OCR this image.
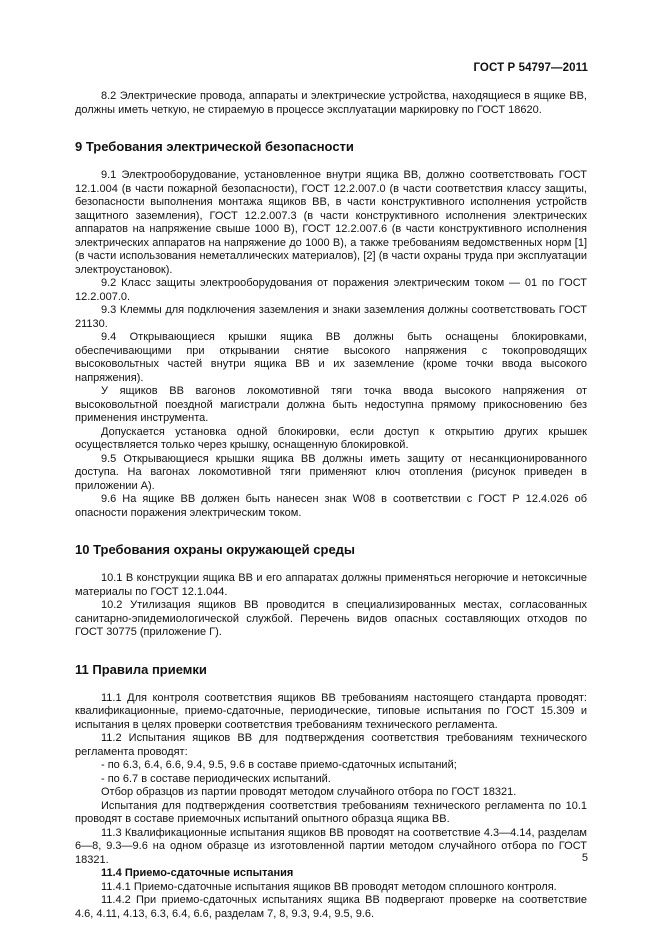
ГОСТ Р 54797—2011

8.2 Электрические провода, аппараты и электрические устройства, находящиеся в ящике ВВ, должны иметь четкую, не стираемую в процессе эксплуатации маркировку по ГОСТ 18620.

9 Требования электрической безопасности

9.1 Электрооборудование, установленное внутри ящика ВВ, должно соответствовать ГОСТ 12.1.004 (в части пожарной безопасности), ГОСТ 12.2.007.0 (в части соответствия классу защиты, безопасности выполнения монтажа ящиков ВВ, в части конструктивного исполнения устройств защитного заземления), ГОСТ 12.2.007.3 (в части конструктивного исполнения электрических аппаратов на напряжение свыше 1000 В), ГОСТ 12.2.007.6 (в части конструктивного исполнения электрических аппаратов на напряжение до 1000 В), а также требованиям ведомственных норм [1] (в части использования неметаллических материалов), [2] (в части охраны труда при эксплуатации электроустановок).

9.2 Класс защиты электрооборудования от поражения электрическим током — 01 по ГОСТ 12.2.007.0.

9.3 Клеммы для подключения заземления и знаки заземления должны соответствовать ГОСТ 21130.

9.4 Открывающиеся крышки ящика ВВ должны быть оснащены блокировками, обеспечивающими при открывании снятие высокого напряжения с токопроводящих высоковольтных частей внутри ящика ВВ и их заземление (кроме точки ввода высокого напряжения).

У ящиков ВВ вагонов локомотивной тяги точка ввода высокого напряжения от высоковольтной поездной магистрали должна быть недоступна прямому прикосновению без применения инструмента.

Допускается установка одной блокировки, если доступ к открытию других крышек осуществляется только через крышку, оснащенную блокировкой.

9.5 Открывающиеся крышки ящика ВВ должны иметь защиту от несанкционированного доступа. На вагонах локомотивной тяги применяют ключ отопления (рисунок приведен в приложении А).

9.6 На ящике ВВ должен быть нанесен знак W08 в соответствии с ГОСТ Р 12.4.026 об опасности поражения электрическим током.

10 Требования охраны окружающей среды

10.1 В конструкции ящика ВВ и его аппаратах должны применяться негорючие и нетоксичные материалы по ГОСТ 12.1.044.

10.2 Утилизация ящиков ВВ проводится в специализированных местах, согласованных санитарно-эпидемиологической службой. Перечень видов опасных составляющих отходов по ГОСТ 30775 (приложение Г).

11 Правила приемки

11.1 Для контроля соответствия ящиков ВВ требованиям настоящего стандарта проводят: квалификационные, приемо-сдаточные, периодические, типовые испытания по ГОСТ 15.309 и испытания в целях проверки соответствия требованиям технического регламента.

11.2 Испытания ящиков ВВ для подтверждения соответствия требованиям технического регламента проводят:

- по 6.3, 6.4, 6.6, 9.4, 9.5, 9.6 в составе приемо-сдаточных испытаний;

- по 6.7 в составе периодических испытаний.

Отбор образцов из партии проводят методом случайного отбора по ГОСТ 18321.

Испытания для подтверждения соответствия требованиям технического регламента по 10.1 проводят в составе приемочных испытаний опытного образца ящика ВВ.

11.3 Квалификационные испытания ящиков ВВ проводят на соответствие 4.3—4.14, разделам 6—8, 9.3—9.6 на одном образце из изготовленной партии методом случайного отбора по ГОСТ 18321.

11.4 Приемо-сдаточные испытания

11.4.1 Приемо-сдаточные испытания ящиков ВВ проводят методом сплошного контроля.

11.4.2 При приемо-сдаточных испытаниях ящика ВВ подвергают проверке на соответствие 4.6, 4.11, 4.13, 6.3, 6.4, 6.6, разделам 7, 8, 9.3, 9.4, 9.5, 9.6.

5
